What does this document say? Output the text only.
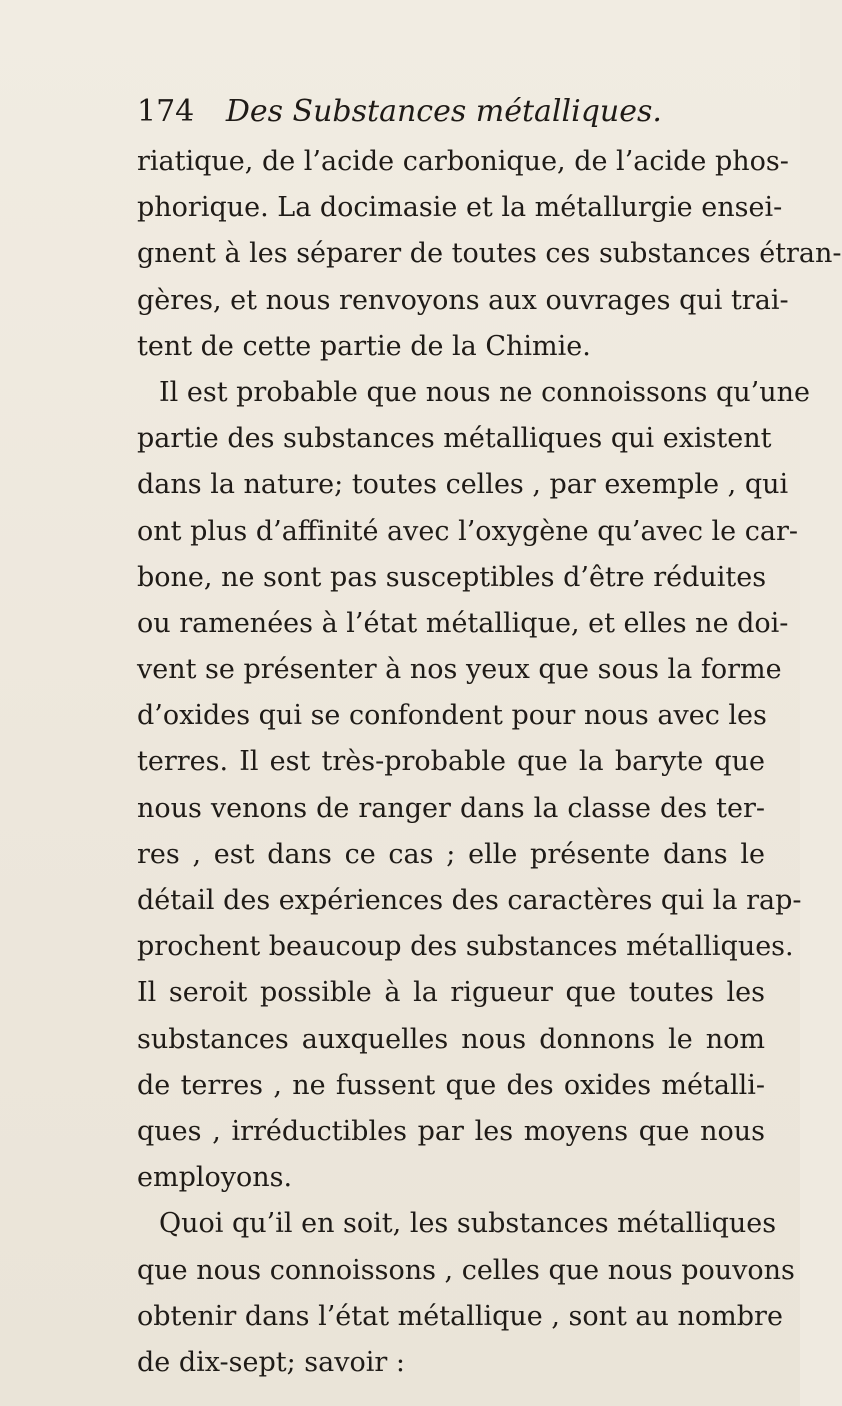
174 Des Substances métalliques.
riatique, de l’acide carbonique, de l’acide phos-
phorique. La docimasie et la métallurgie ensei-
gnent à les séparer de toutes ces substances étran-
gères, et nous renvoyons aux ouvrages qui trai-
tent de cette partie de la Chimie.
Il est probable que nous ne connoissons qu’une
partie des substances métalliques qui existent
dans la nature; toutes celles , par exemple , qui
ont plus d’affinité avec l’oxygène qu’avec le car-
bone, ne sont pas susceptibles d’être réduites
ou ramenées à l’état métallique, et elles ne doi-
vent se présenter à nos yeux que sous la forme
d’oxides qui se confondent pour nous avec les
terres. Il est très-probable que la baryte que
nous venons de ranger dans la classe des ter-
res , est dans ce cas ; elle présente dans le
détail des expériences des caractères qui la rap-
prochent beaucoup des substances métalliques.
Il seroit possible à la rigueur que toutes les
substances auxquelles nous donnons le nom
de terres , ne fussent que des oxides métalli-
ques , irréductibles par les moyens que nous
employons.
Quoi qu’il en soit, les substances métalliques
que nous connoissons , celles que nous pouvons
obtenir dans l’état métallique , sont au nombre
de dix-sept; savoir :
